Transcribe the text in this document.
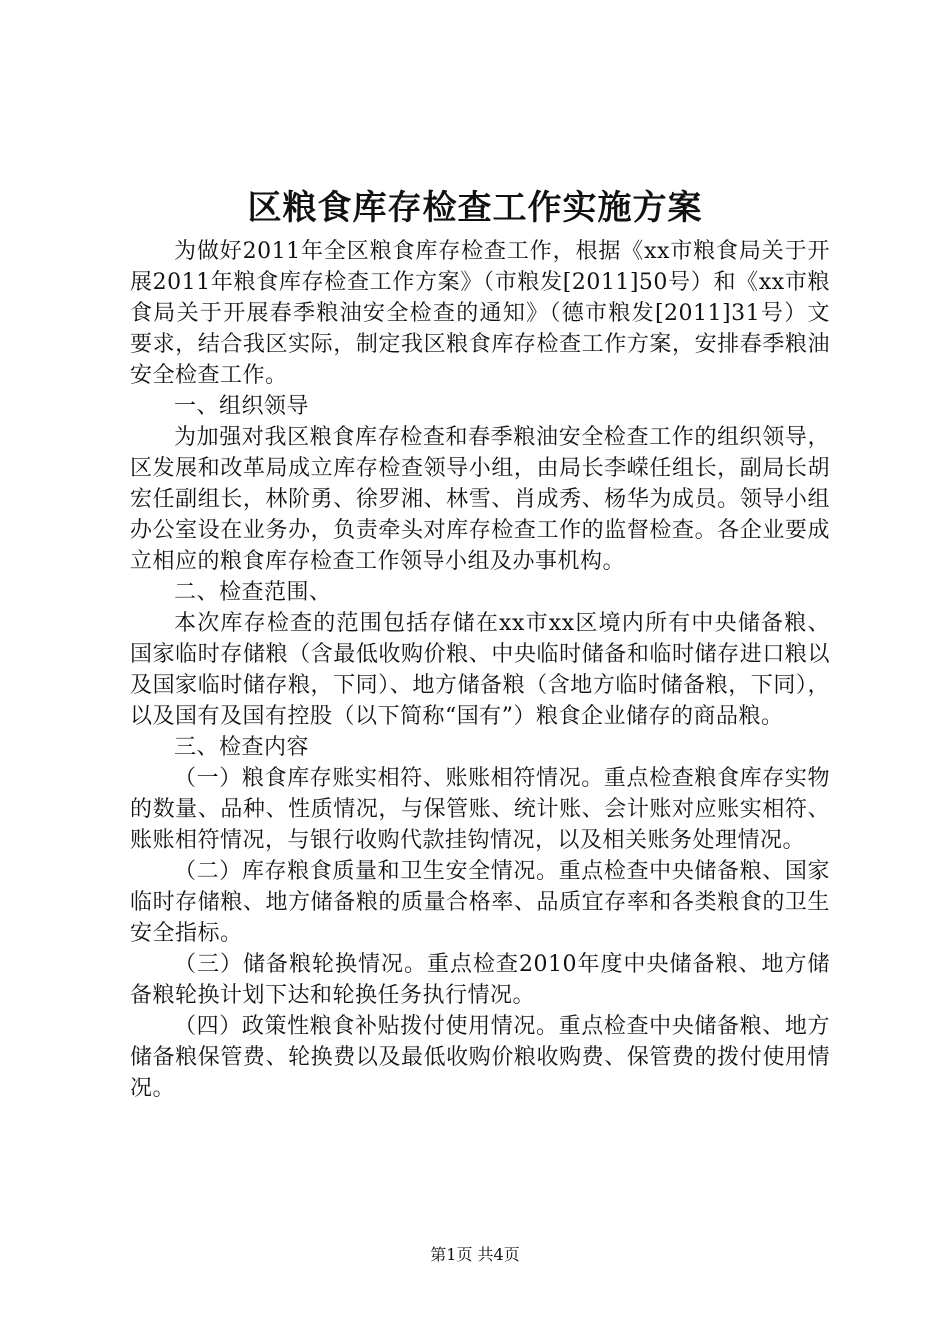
区粮食库存检查工作实施方案

为做好2011年全区粮食库存检查工作，根据《xx市粮食局关于开展2011年粮食库存检查工作方案》（市粮发[2011]50号）和《xx市粮食局关于开展春季粮油安全检查的通知》（德市粮发[2011]31号）文要求，结合我区实际，制定我区粮食库存检查工作方案，安排春季粮油安全检查工作。

一、组织领导

为加强对我区粮食库存检查和春季粮油安全检查工作的组织领导，区发展和改革局成立库存检查领导小组，由局长李嵘任组长，副局长胡宏任副组长，林阶勇、徐罗湘、林雪、肖成秀、杨华为成员。领导小组办公室设在业务办，负责牵头对库存检查工作的监督检查。各企业要成立相应的粮食库存检查工作领导小组及办事机构。

二、检查范围、

本次库存检查的范围包括存储在xx市xx区境内所有中央储备粮、国家临时存储粮（含最低收购价粮、中央临时储备和临时储存进口粮以及国家临时储存粮，下同）、地方储备粮（含地方临时储备粮，下同），以及国有及国有控股（以下简称“国有”）粮食企业储存的商品粮。

三、检查内容

（一）粮食库存账实相符、账账相符情况。重点检查粮食库存实物的数量、品种、性质情况，与保管账、统计账、会计账对应账实相符、账账相符情况，与银行收购代款挂钩情况，以及相关账务处理情况。

（二）库存粮食质量和卫生安全情况。重点检查中央储备粮、国家临时存储粮、地方储备粮的质量合格率、品质宜存率和各类粮食的卫生安全指标。

（三）储备粮轮换情况。重点检查2010年度中央储备粮、地方储备粮轮换计划下达和轮换任务执行情况。

（四）政策性粮食补贴拨付使用情况。重点检查中央储备粮、地方储备粮保管费、轮换费以及最低收购价粮收购费、保管费的拨付使用情况。

第1页 共4页
